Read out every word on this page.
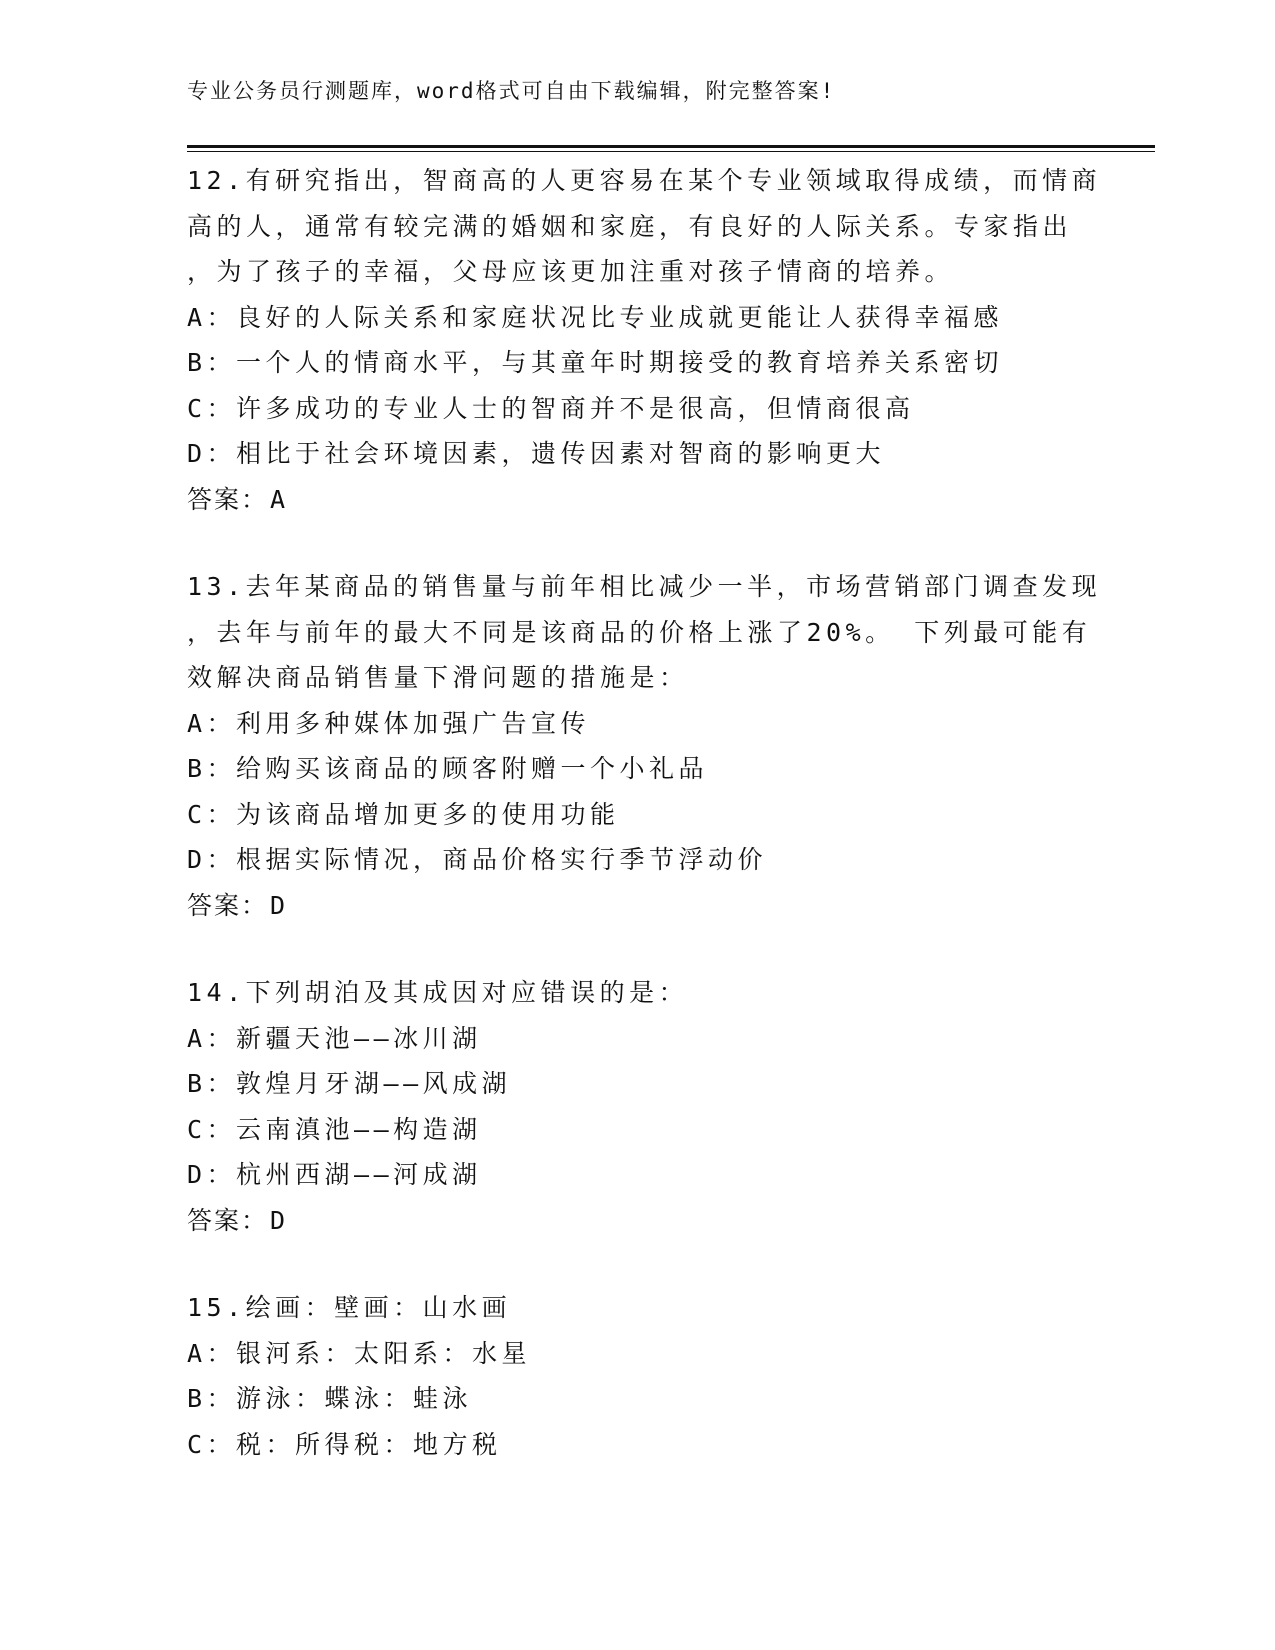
专业公务员行测题库，word格式可自由下载编辑，附完整答案!
12.有研究指出，智商高的人更容易在某个专业领域取得成绩，而情商
高的人，通常有较完满的婚姻和家庭，有良好的人际关系。专家指出
，为了孩子的幸福，父母应该更加注重对孩子情商的培养。
A：良好的人际关系和家庭状况比专业成就更能让人获得幸福感
B：一个人的情商水平，与其童年时期接受的教育培养关系密切
C：许多成功的专业人士的智商并不是很高，但情商很高
D：相比于社会环境因素，遗传因素对智商的影响更大
答案：A
13.去年某商品的销售量与前年相比减少一半，市场营销部门调查发现
，去年与前年的最大不同是该商品的价格上涨了20%。 下列最可能有
效解决商品销售量下滑问题的措施是：
A：利用多种媒体加强广告宣传
B：给购买该商品的顾客附赠一个小礼品
C：为该商品增加更多的使用功能
D：根据实际情况，商品价格实行季节浮动价
答案：D
14.下列胡泊及其成因对应错误的是：
A：新疆天池——冰川湖
B：敦煌月牙湖——风成湖
C：云南滇池——构造湖
D：杭州西湖——河成湖
答案：D
15.绘画：壁画：山水画
A：银河系：太阳系：水星
B：游泳：蝶泳：蛙泳
C：税：所得税：地方税
